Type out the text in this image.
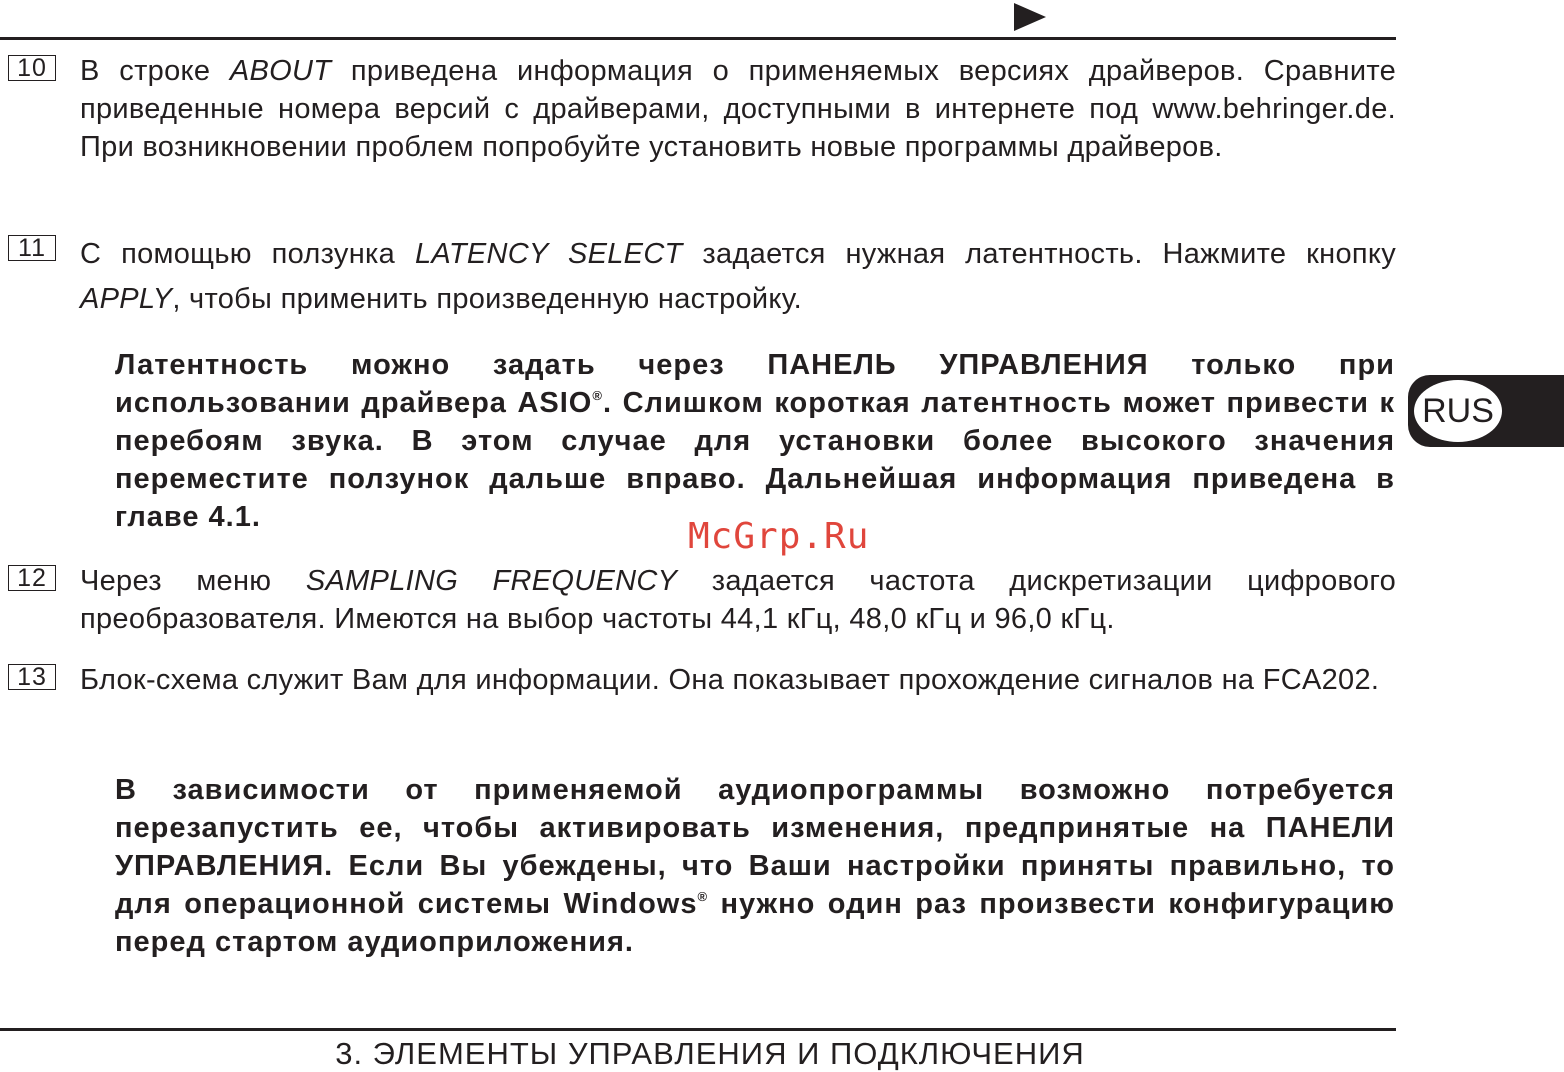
10	В строке ABOUT приведена информация о применяемых версиях драйверов. Сравните приведенные номера версий с драйверами, доступными в интернете под www.behringer.de. При возникновении проблем попробуйте установить новые программы драйверов.

11	С помощью ползунка LATENCY SELECT задается нужная латентность. Нажмите кнопку APPLY, чтобы применить произведенную настройку.

Латентность можно задать через ПАНЕЛЬ УПРАВЛЕНИЯ только при использовании драйвера ASIO®. Слишком короткая латентность может привести к перебоям звука. В этом случае для установки более высокого значения переместите ползунок дальше вправо. Дальнейшая информация приведена в главе 4.1.	McGrp.Ru
12	Через меню SAMPLING FREQUENCY задается частота дискретизации цифрового преобразователя. Имеются на выбор частоты 44,1 кГц, 48,0 кГц и 96,0 кГц.

13	Блок-схема служит Вам для информации. Она показывает прохождение сигналов на FCA202.

В зависимости от применяемой аудиопрограммы возможно потребуется перезапустить ее, чтобы активировать изменения, предпринятые на ПАНЕЛИ УПРАВЛЕНИЯ. Если Вы убеждены, что Ваши настройки приняты правильно, то для операционной системы Windows® нужно один раз произвести конфигурацию перед стартом аудиоприложения.

RUS
3. ЭЛЕМЕНТЫ УПРАВЛЕНИЯ И ПОДКЛЮЧЕНИЯ
